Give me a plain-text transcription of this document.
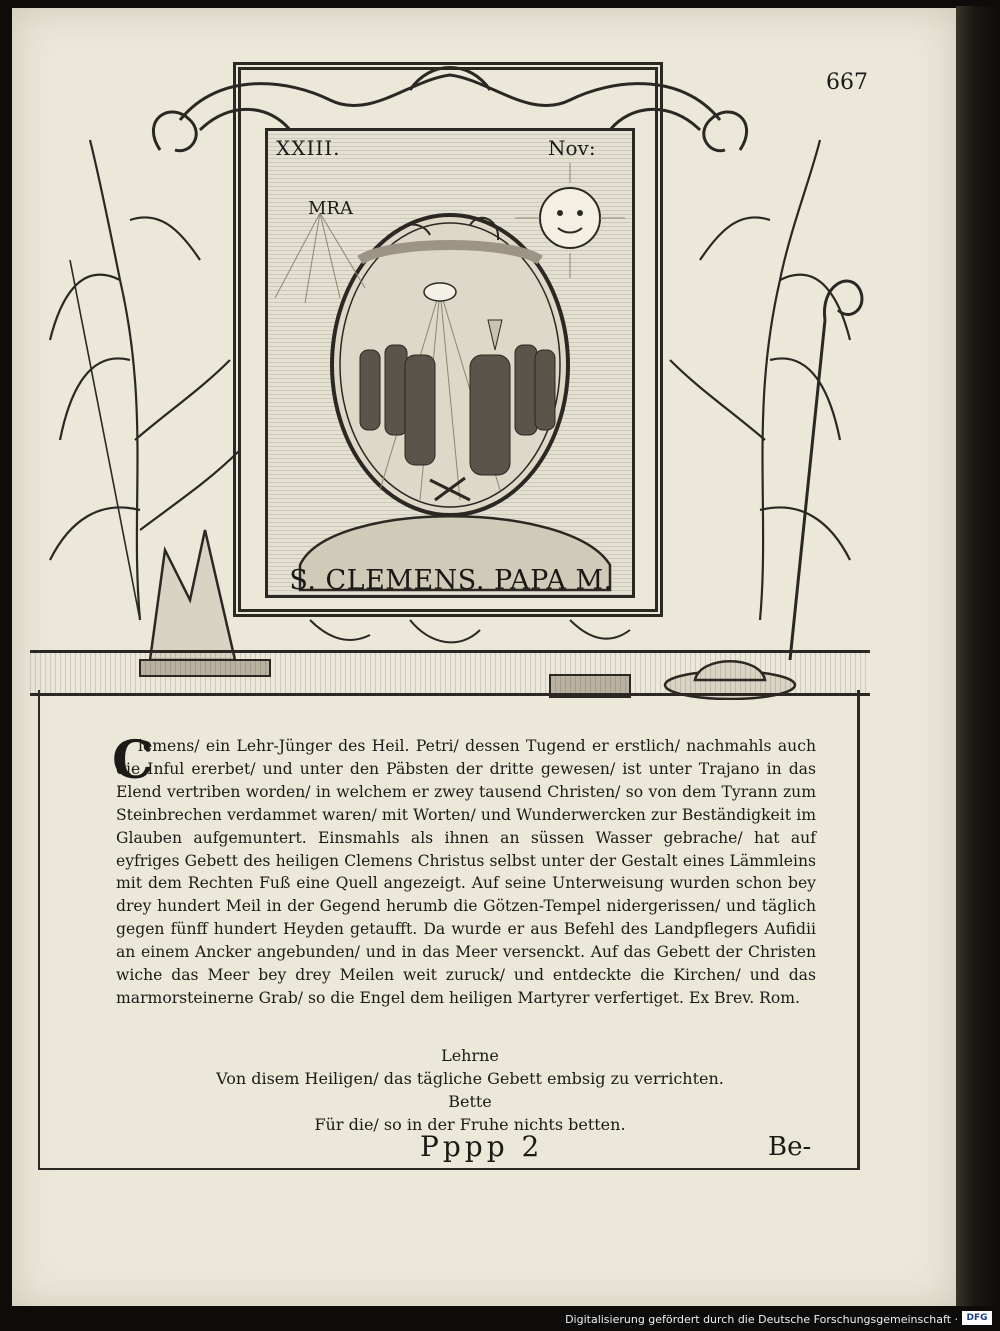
667
XXIII.	Nov:
MRA
S. CLEMENS. PAPA M.
C
lemens/ ein Lehr-Jünger des Heil. Petri/ dessen Tugend er erstlich/ nachmahls auch die Inful ererbet/ und unter den Päbsten der dritte gewesen/ ist unter Trajano in das Elend vertriben worden/ in welchem er zwey tausend Christen/ so von dem Tyrann zum Steinbrechen verdammet waren/ mit Worten/ und Wunderwercken zur Beständigkeit im Glauben aufgemuntert. Einsmahls als ihnen an süssen Wasser gebrache/ hat auf eyfriges Gebett des heiligen Clemens Christus selbst unter der Gestalt eines Lämmleins mit dem Rechten Fuß eine Quell angezeigt. Auf seine Unterweisung wurden schon bey drey hundert Meil in der Gegend herumb die Götzen-Tempel nidergerissen/ und täglich gegen fünff hundert Heyden getaufft. Da wurde er aus Befehl des Landpflegers Aufidii an einem Ancker angebunden/ und in das Meer versenckt. Auf das Gebett der Christen wiche das Meer bey drey Meilen weit zuruck/ und entdeckte die Kirchen/ und das marmorsteinerne Grab/ so die Engel dem heiligen Martyrer verfertiget. Ex Brev. Rom.
Lehrne
Von disem Heiligen/ das tägliche Gebett embsig zu verrichten.
Bette
Für die/ so in der Fruhe nichts betten.
Pppp 2	Be-
Digitalisierung gefördert durch die Deutsche Forschungsgemeinschaft · DFG
